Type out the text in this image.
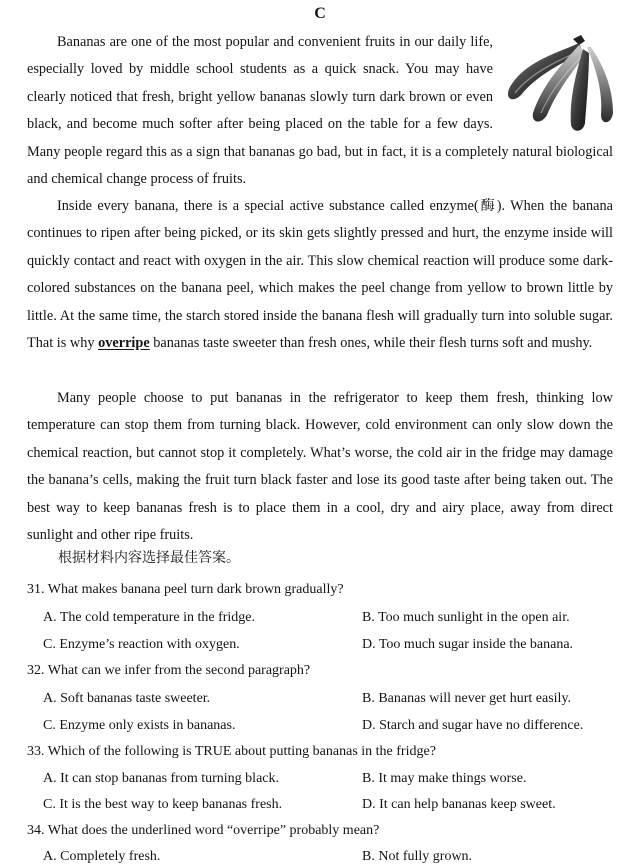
C

Bananas are one of the most popular and convenient fruits in our daily life, especially loved by middle school students as a quick snack. You may have clearly noticed that fresh, bright yellow bananas slowly turn dark brown or even black, and become much softer after being placed on the table for a few days. Many people regard this as a sign that bananas go bad, but in fact, it is a completely natural biological and chemical change process of fruits.

Inside every banana, there is a special active substance called enzyme(酶). When the banana continues to ripen after being picked, or its skin gets slightly pressed and hurt, the enzyme inside will quickly contact and react with oxygen in the air. This slow chemical reaction will produce some dark-colored substances on the banana peel, which makes the peel change from yellow to brown little by little. At the same time, the starch stored inside the banana flesh will gradually turn into soluble sugar. That is why overripe bananas taste sweeter than fresh ones, while their flesh turns soft and mushy.

Many people choose to put bananas in the refrigerator to keep them fresh, thinking low temperature can stop them from turning black. However, cold environment can only slow down the chemical reaction, but cannot stop it completely. What’s worse, the cold air in the fridge may damage the banana’s cells, making the fruit turn black faster and lose its good taste after being taken out. The best way to keep bananas fresh is to place them in a cool, dry and airy place, away from direct sunlight and other ripe fruits.

根据材料内容选择最佳答案。
31. What makes banana peel turn dark brown gradually?
A. The cold temperature in the fridge.	B. Too much sunlight in the open air.
C. Enzyme’s reaction with oxygen.	D. Too much sugar inside the banana.
32. What can we infer from the second paragraph?
A. Soft bananas taste sweeter.	B. Bananas will never get hurt easily.
C. Enzyme only exists in bananas.	D. Starch and sugar have no difference.
33. Which of the following is TRUE about putting bananas in the fridge?
A. It can stop bananas from turning black.	B. It may make things worse.
C. It is the best way to keep bananas fresh.	D. It can help bananas keep sweet.
34. What does the underlined word “overripe” probably mean?
A. Completely fresh.	B. Not fully grown.
